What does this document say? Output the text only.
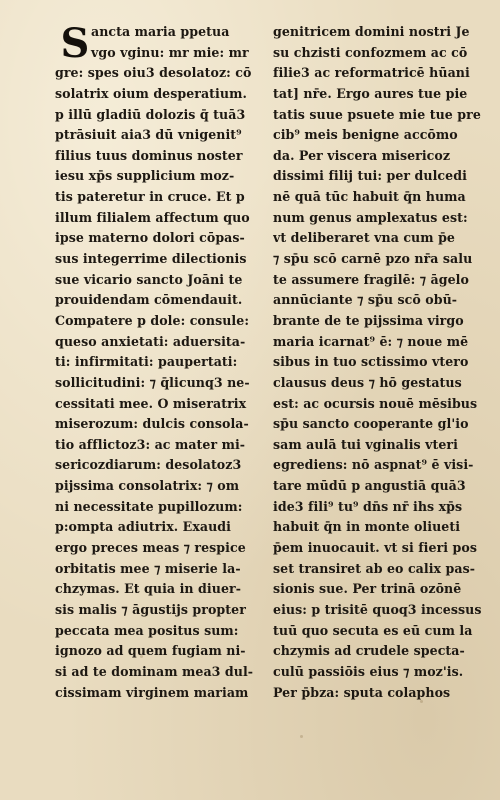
S ancta maria ppetua
vgo vginu: mr mie: mr
gre: spes oiu3 desolatoz: cō
solatrix oium desperatium.
p illū gladiū dolozis q̄ tuā3
ptrāsiuit aia3 dū vnigenit⁹
filius tuus dominus noster
iesu xp̄s supplicium moz-
tis pateretur in cruce. Et p
illum filialem affectum quo
ipse materno dolori cōpas-
sus integerrime dilectionis
sue vicario sancto Joāni te
prouidendam cōmendauit.
Compatere p dole: consule:
queso anxietati: aduersita-
ti: infirmitati: paupertati:
sollicitudini: ⁊ q̄licunq3 ne-
cessitati mee. O miseratrix
miserozum: dulcis consola-
tio afflictoz3: ac mater mi-
sericozdiarum: desolatoz3
pijssima consolatrix: ⁊ om
ni necessitate pupillozum:
p:ompta adiutrix. Exaudi
ergo preces meas ⁊ respice
orbitatis mee ⁊ miserie la-
chzymas. Et quia in diuer-
sis malis ⁊ āgustijs propter
peccata mea positus sum:
ignozo ad quem fugiam ni-
si ad te dominam mea3 dul-
cissimam virginem mariam
genitricem domini nostri Je
su chzisti confozmem ac cō
filie3 ac reformatricē hūani
tat] nr̄e. Ergo aures tue pie
tatis suue psuete mie tue pre
cib⁹ meis benigne accōmo
da. Per viscera misericoz
dissimi filij tui: per dulcedi
nē quā tūc habuit q̄n huma
num genus amplexatus est:
vt deliberaret vna cum p̄e
⁊ sp̄u scō carnē pzo nr̄a salu
te assumere fragilē: ⁊ āgelo
annūciante ⁊ sp̄u scō obū-
brante de te pijssima virgo
maria icarnat⁹ ē: ⁊ noue mē
sibus in tuo sctissimo vtero
clausus deus ⁊ hō gestatus
est: ac ocursis nouē mēsibus
sp̄u sancto cooperante gl'io
sam aulā tui vginalis vteri
egrediens: nō aspnat⁹ ē visi-
tare mūdū p angustiā quā3
ide3 fili⁹ tu⁹ dn̄s nr̄ ihs xp̄s
habuit q̄n in monte oliueti
p̄em inuocauit. vt si fieri pos
set transiret ab eo calix pas-
sionis sue. Per trinā ozōnē
eius: p trisitē quoq3 incessus
tuū quo secuta es eū cum la
chzymis ad crudele specta-
culū passiōis eius ⁊ moz'is.
Per p̄bza: sputa colaphos
